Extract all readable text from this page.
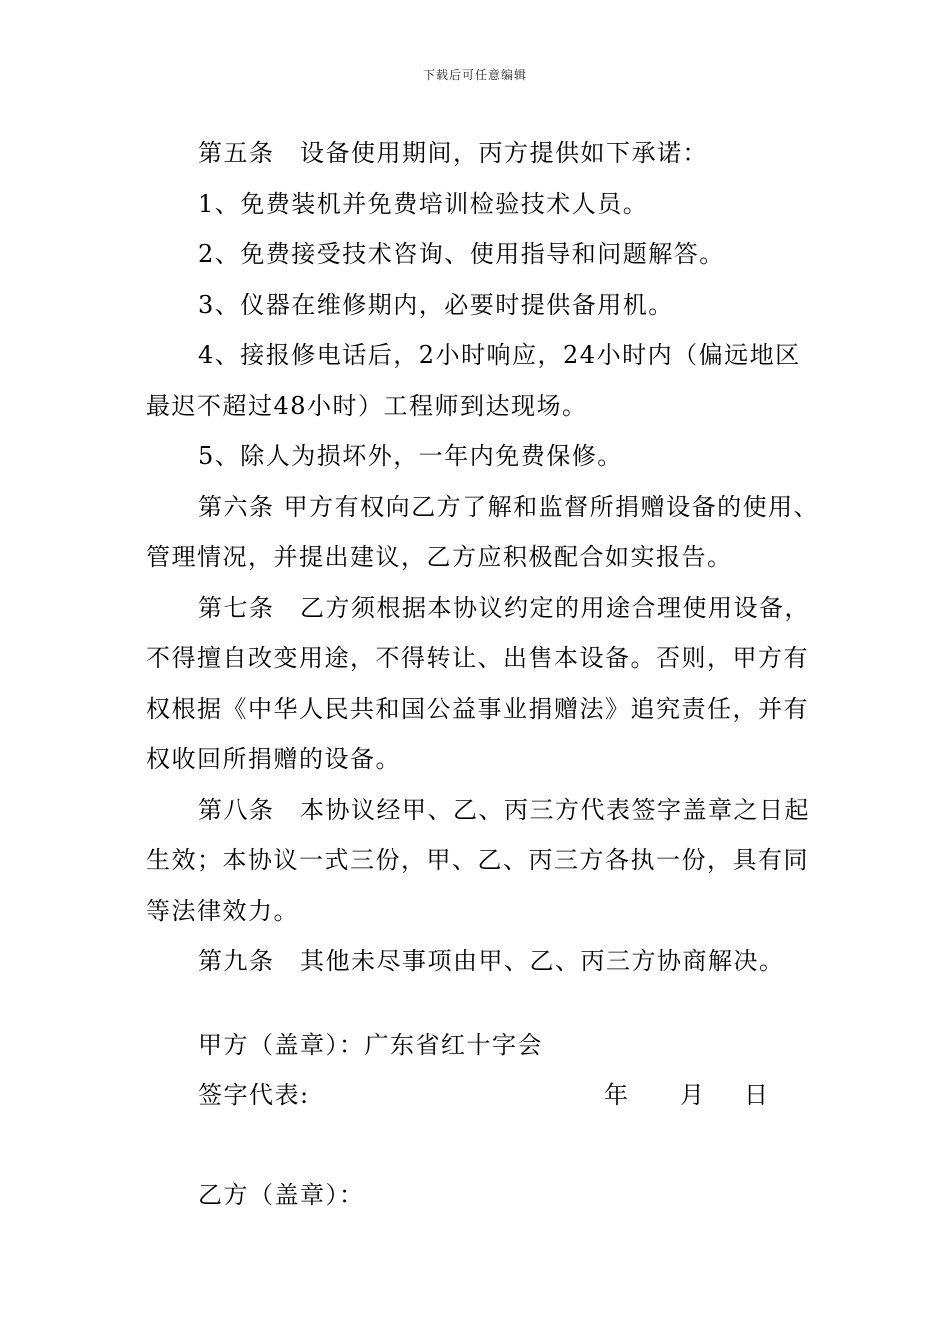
下载后可任意编辑

第五条　设备使用期间，丙方提供如下承诺：

1、免费装机并免费培训检验技术人员。

2、免费接受技术咨询、使用指导和问题解答。

3、仪器在维修期内，必要时提供备用机。

4、接报修电话后，2小时响应，24小时内（偏远地区最迟不超过48小时）工程师到达现场。

5、除人为损坏外，一年内免费保修。

第六条 甲方有权向乙方了解和监督所捐赠设备的使用、管理情况，并提出建议，乙方应积极配合如实报告。

第七条　乙方须根据本协议约定的用途合理使用设备，不得擅自改变用途，不得转让、出售本设备。否则，甲方有权根据《中华人民共和国公益事业捐赠法》追究责任，并有权收回所捐赠的设备。

第八条　本协议经甲、乙、丙三方代表签字盖章之日起生效；本协议一式三份，甲、乙、丙三方各执一份，具有同等法律效力。

第九条　其他未尽事项由甲、乙、丙三方协商解决。

甲方（盖章）：广东省红十字会
签字代表:	年 月 日
乙方（盖章）：
